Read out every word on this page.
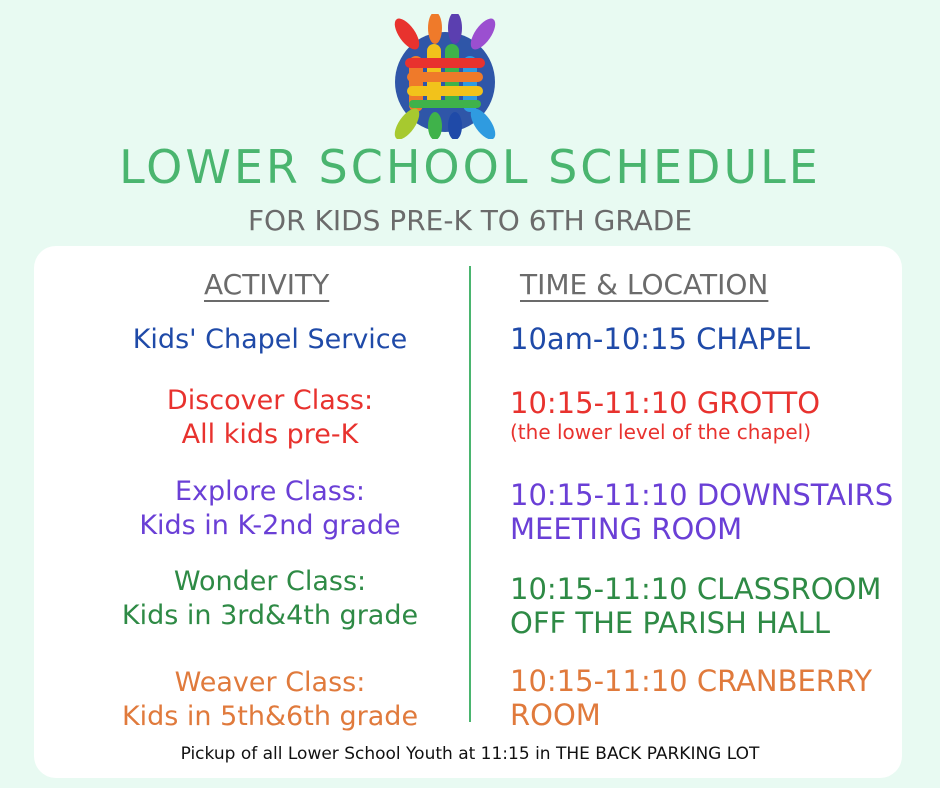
LOWER SCHOOL SCHEDULE
FOR KIDS PRE-K TO 6TH GRADE
ACTIVITY	TIME & LOCATION
Kids' Chapel Service	10am-10:15 CHAPEL
Discover Class:
All kids pre-K
10:15-11:10 GROTTO
(the lower level of the chapel)
Explore Class:
Kids in K-2nd grade
10:15-11:10 DOWNSTAIRS
MEETING ROOM
Wonder Class:
Kids in 3rd&4th grade
10:15-11:10 CLASSROOM
OFF THE PARISH HALL
Weaver Class:
Kids in 5th&6th grade
10:15-11:10 CRANBERRY
ROOM
Pickup of all Lower School Youth at 11:15 in THE BACK PARKING LOT
